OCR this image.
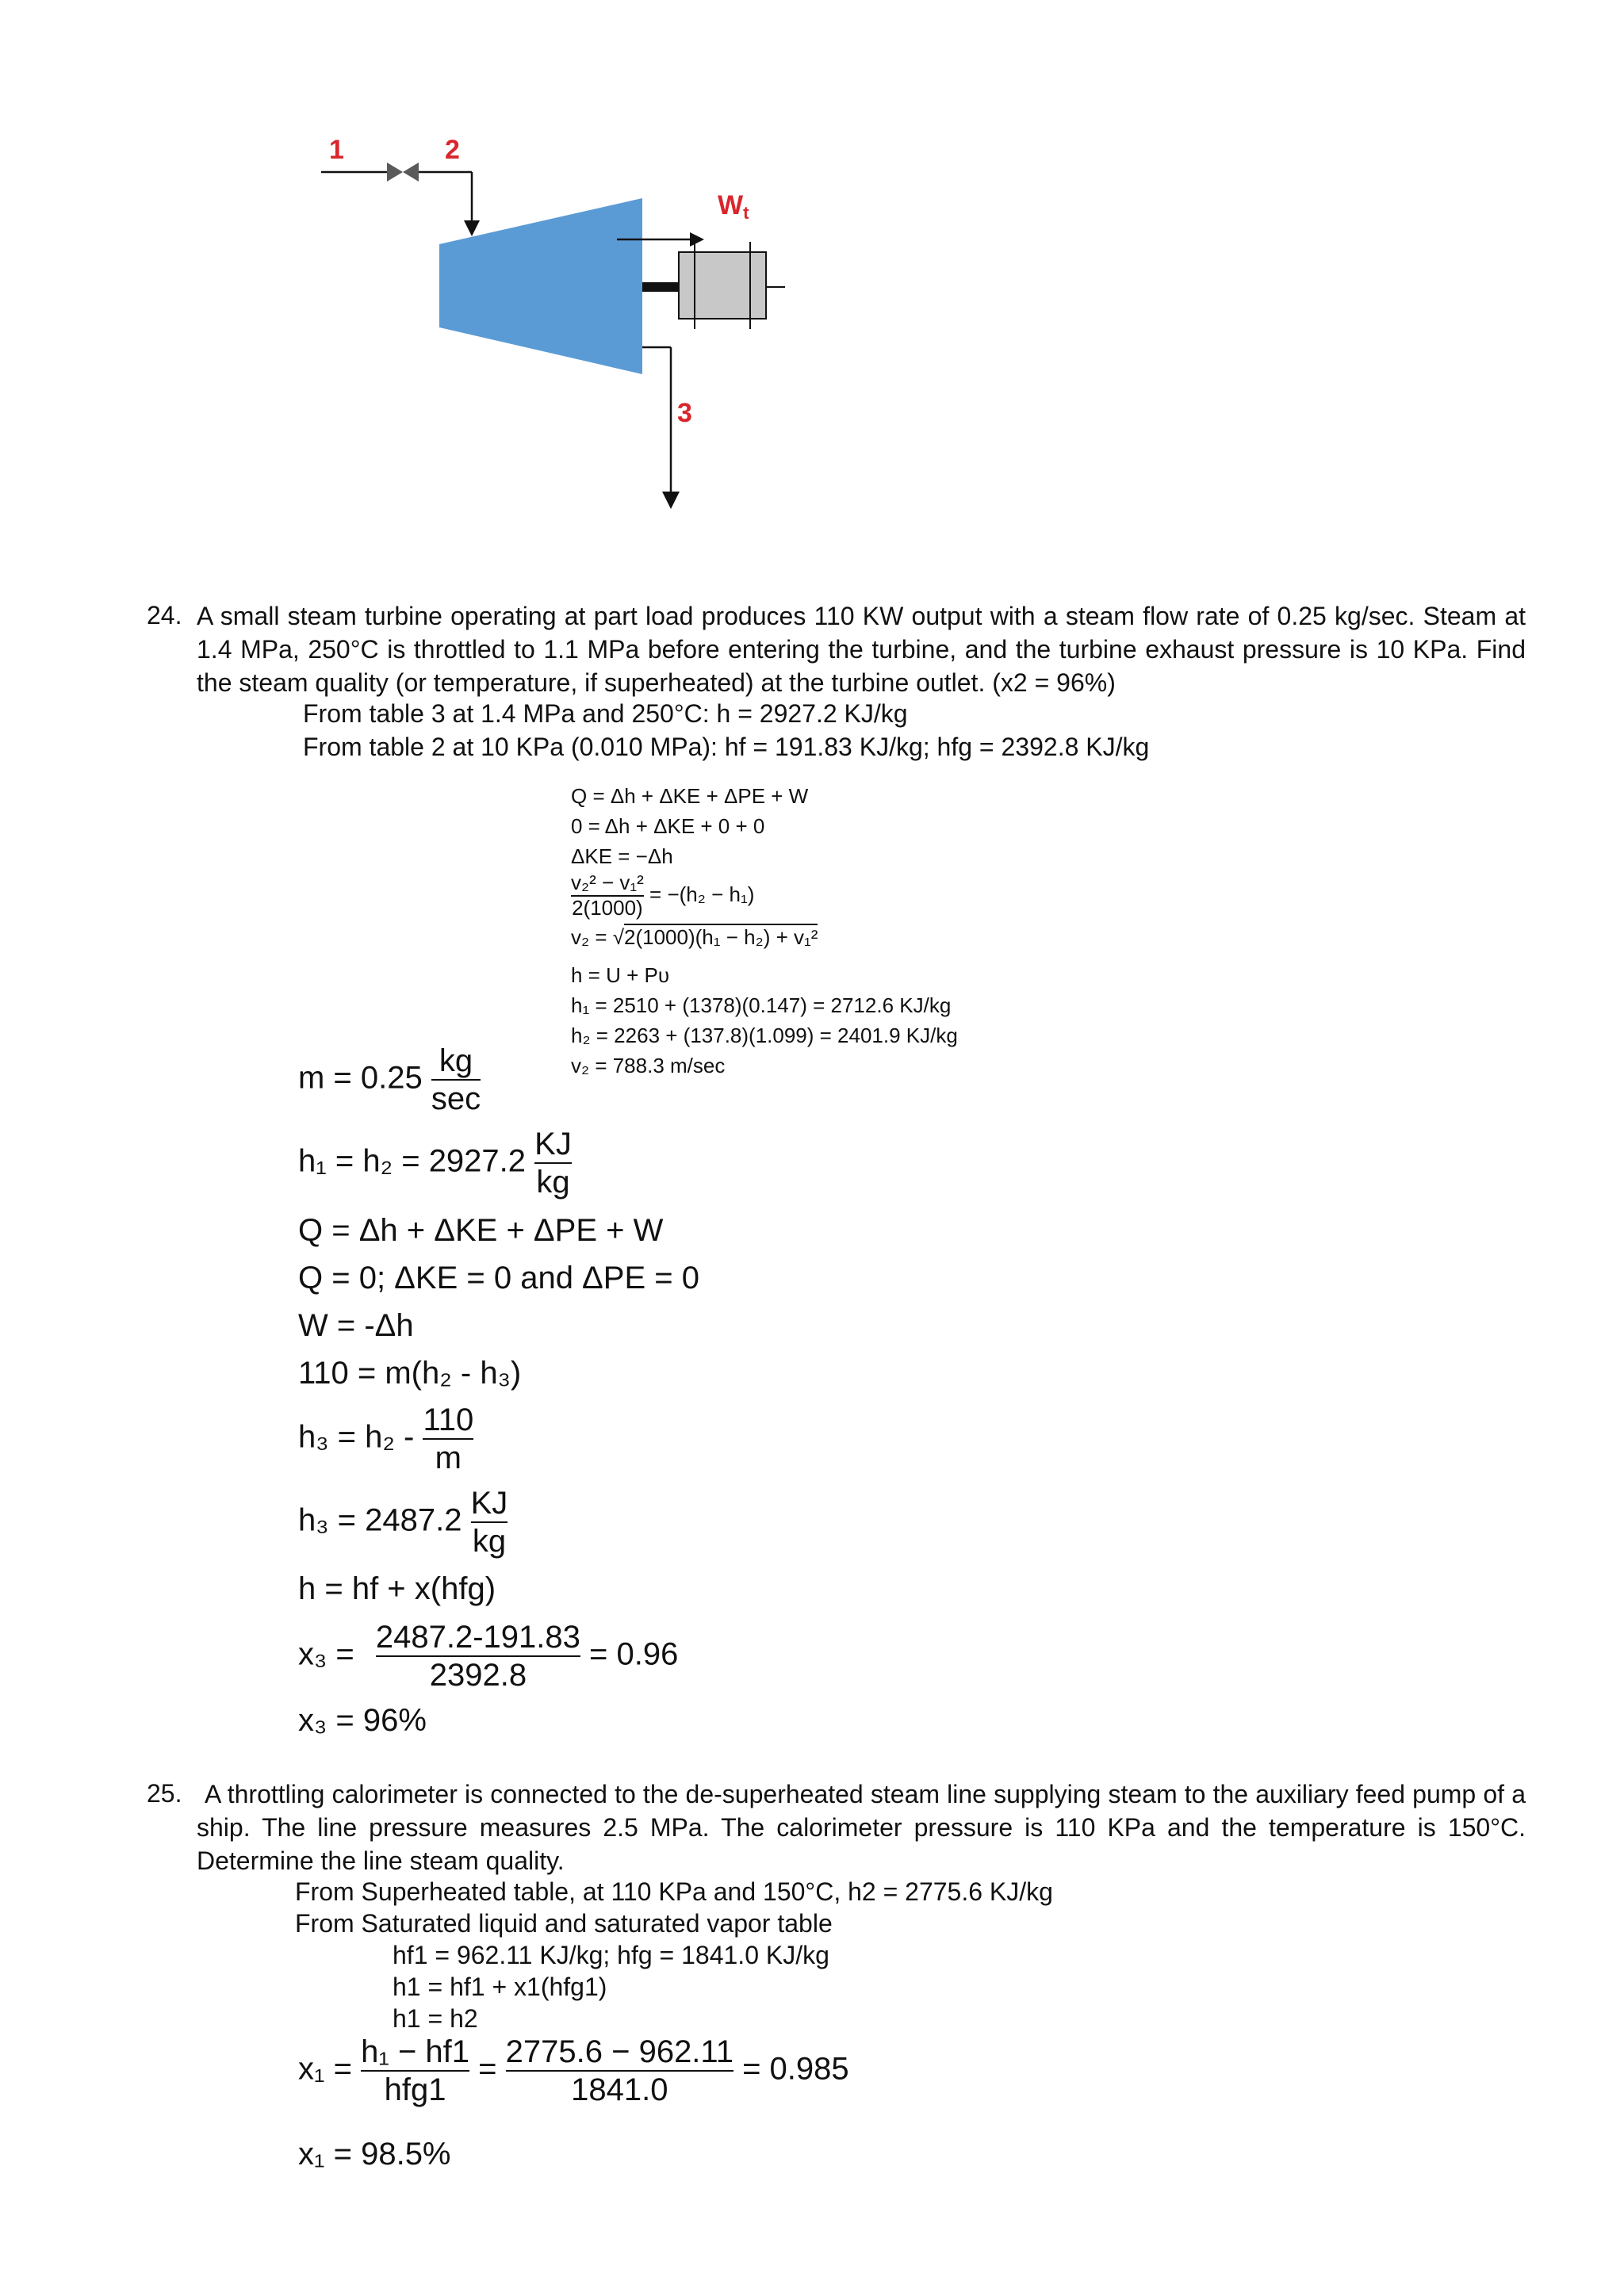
1	2
3
Wt
24. A small steam turbine operating at part load produces 110 KW output with a steam flow rate of 0.25 kg/sec. Steam at 1.4 MPa, 250°C is throttled to 1.1 MPa before entering the turbine, and the turbine exhaust pressure is 10 KPa. Find the steam quality (or temperature, if superheated) at the turbine outlet. (x2 = 96%)
From table 3 at 1.4 MPa and 250°C: h = 2927.2 KJ/kg
From table 2 at 10 KPa (0.010 MPa): hf = 191.83 KJ/kg; hfg = 2392.8 KJ/kg
Q = Δh + ΔKE + ΔPE + W
0 = Δh + ΔKE + 0 + 0
ΔKE = −Δh
$\frac{\text{v₂² − v₁²}}{2(1000)} = -(h_2 - h_1)$
v₂ = √2(1000)(h₁ − h₂) + v₁²
h = U + Pυ
h₁ = 2510 + (1378)(0.147) = 2712.6 KJ/kg
h₂ = 2263 + (137.8)(1.099) = 2401.9 KJ/kg
v₂ = 788.3 m/sec
$m = 0.25 \frac{kg}{\sec}$
$h_1 = h_2 = 2927.2 \frac{KJ}{kg}$
Q = Δh + ΔKE + ΔPE + W
Q = 0; ΔKE = 0 and ΔPE = 0
W = -Δh
110 = m(h₂ - h₃)
$h_3 = h_2 - \frac{110}{m}$
$h_3 = 2487.2 \frac{KJ}{kg}$
h = hf + x(hfg)
$x_3 = \frac{2487.2-191.83}{2392.8} = 0.96$
x₃ = 96%
25. A throttling calorimeter is connected to the de-superheated steam line supplying steam to the auxiliary feed pump of a ship. The line pressure measures 2.5 MPa. The calorimeter pressure is 110 KPa and the temperature is 150°C. Determine the line steam quality.
From Superheated table, at 110 KPa and 150°C, h2 = 2775.6 KJ/kg
From Saturated liquid and saturated vapor table
hf1 = 962.11 KJ/kg; hfg = 1841.0 KJ/kg
h1 = hf1 + x1(hfg1)
h1 = h2
$x_1 = \frac{\text{h₁ − hf1}}{\text{hfg1}} = \frac{2775.6 - 962.11}{1841.0} = 0.985$
x₁ = 98.5%
